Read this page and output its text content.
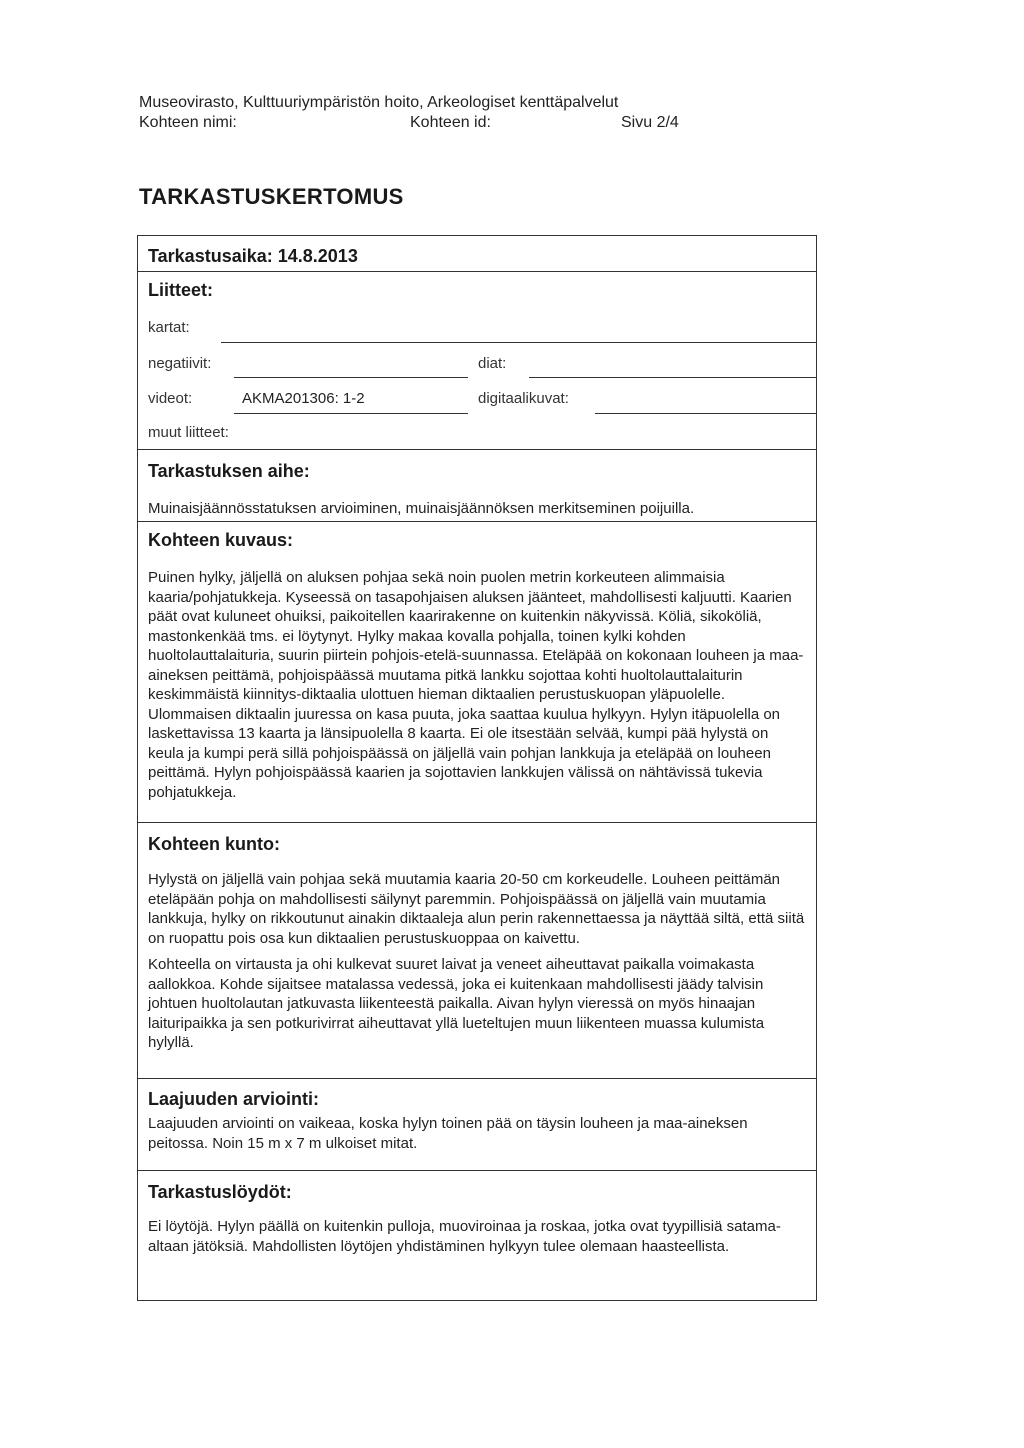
Museovirasto, Kulttuuriympäristön hoito, Arkeologiset kenttäpalvelut
Kohteen nimi:	Kohteen id:	Sivu 2/4
TARKASTUSKERTOMUS
Tarkastusaika: 14.8.2013
Liitteet:
kartat:
negatiivit:	diat:
videot:	AKMA201306: 1-2	digitaalikuvat:
muut liitteet:
Tarkastuksen aihe:

Muinaisjäännösstatuksen arvioiminen, muinaisjäännöksen merkitseminen poijuilla.

Kohteen kuvaus:

Puinen hylky, jäljellä on aluksen pohjaa sekä noin puolen metrin korkeuteen alimmaisia kaaria/pohjatukkeja. Kyseessä on tasapohjaisen aluksen jäänteet, mahdollisesti kaljuutti. Kaarien päät ovat kuluneet ohuiksi, paikoitellen kaarirakenne on kuitenkin näkyvissä. Köliä, sikoköliä, mastonkenkää tms. ei löytynyt. Hylky makaa kovalla pohjalla, toinen kylki kohden huoltolauttalaituria, suurin piirtein pohjois-etelä-suunnassa. Eteläpää on kokonaan louheen ja maa-aineksen peittämä, pohjoispäässä muutama pitkä lankku sojottaa kohti huoltolauttalaiturin keskimmäistä kiinnitys-diktaalia ulottuen hieman diktaalien perustuskuopan yläpuolelle. Ulommaisen diktaalin juuressa on kasa puuta, joka saattaa kuulua hylkyyn. Hylyn itäpuolella on laskettavissa 13 kaarta ja länsipuolella 8 kaarta. Ei ole itsestään selvää, kumpi pää hylystä on keula ja kumpi perä sillä pohjoispäässä on jäljellä vain pohjan lankkuja ja eteläpää on louheen peittämä. Hylyn pohjoispäässä kaarien ja sojottavien lankkujen välissä on nähtävissä tukevia pohjatukkeja.

Kohteen kunto:

Hylystä on jäljellä vain pohjaa sekä muutamia kaaria 20-50 cm korkeudelle. Louheen peittämän eteläpään pohja on mahdollisesti säilynyt paremmin. Pohjoispäässä on jäljellä vain muutamia lankkuja, hylky on rikkoutunut ainakin diktaaleja alun perin rakennettaessa ja näyttää siltä, että siitä on ruopattu pois osa kun diktaalien perustuskuoppaa on kaivettu.

Kohteella on virtausta ja ohi kulkevat suuret laivat ja veneet aiheuttavat paikalla voimakasta aallokkoa. Kohde sijaitsee matalassa vedessä, joka ei kuitenkaan mahdollisesti jäädy talvisin johtuen huoltolautan jatkuvasta liikenteestä paikalla. Aivan hylyn vieressä on myös hinaajan laituripaikka ja sen potkurivirrat aiheuttavat yllä lueteltujen muun liikenteen muassa kulumista hylyllä.

Laajuuden arviointi:

Laajuuden arviointi on vaikeaa, koska hylyn toinen pää on täysin louheen ja maa-aineksen peitossa. Noin 15 m x 7 m ulkoiset mitat.

Tarkastuslöydöt:

Ei löytöjä. Hylyn päällä on kuitenkin pulloja, muoviroinaa ja roskaa, jotka ovat tyypillisiä satama-altaan jätöksiä. Mahdollisten löytöjen yhdistäminen hylkyyn tulee olemaan haasteellista.
